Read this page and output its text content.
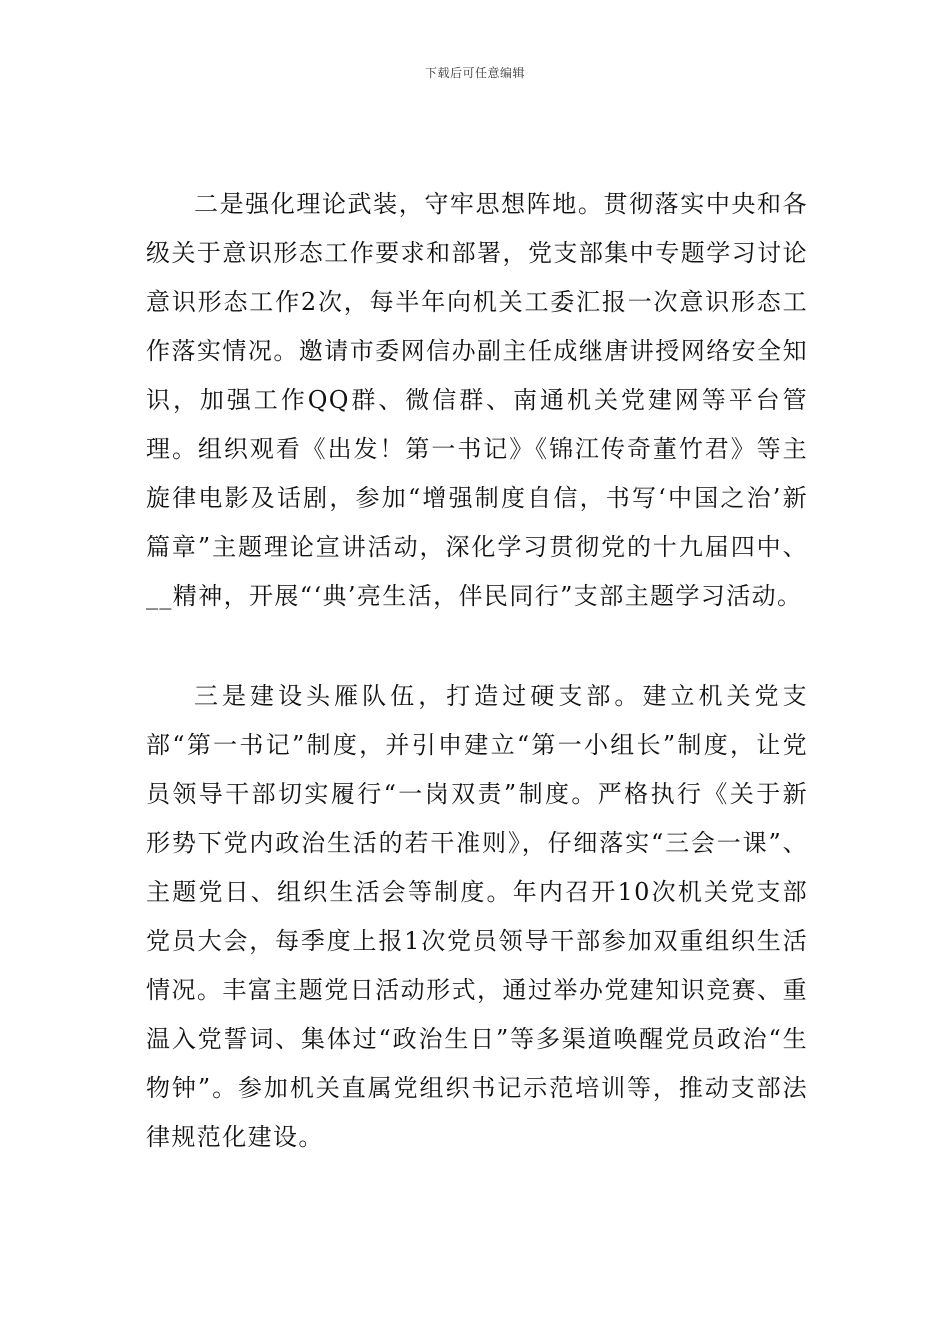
下载后可任意编辑

二是强化理论武装，守牢思想阵地。贯彻落实中央和各级关于意识形态工作要求和部署，党支部集中专题学习讨论意识形态工作2次，每半年向机关工委汇报一次意识形态工作落实情况。邀请市委网信办副主任成继唐讲授网络安全知识，加强工作QQ群、微信群、南通机关党建网等平台管理。组织观看《出发！第一书记》《锦江传奇董竹君》等主旋律电影及话剧，参加“增强制度自信，书写‘中国之治’新篇章”主题理论宣讲活动，深化学习贯彻党的十九届四中、__精神，开展“‘典’亮生活，伴民同行”支部主题学习活动。

三是建设头雁队伍，打造过硬支部。建立机关党支部“第一书记”制度，并引申建立“第一小组长”制度，让党员领导干部切实履行“一岗双责”制度。严格执行《关于新形势下党内政治生活的若干准则》，仔细落实“三会一课”、主题党日、组织生活会等制度。年内召开10次机关党支部党员大会，每季度上报1次党员领导干部参加双重组织生活情况。丰富主题党日活动形式，通过举办党建知识竞赛、重温入党誓词、集体过“政治生日”等多渠道唤醒党员政治“生物钟”。参加机关直属党组织书记示范培训等，推动支部法律规范化建设。
